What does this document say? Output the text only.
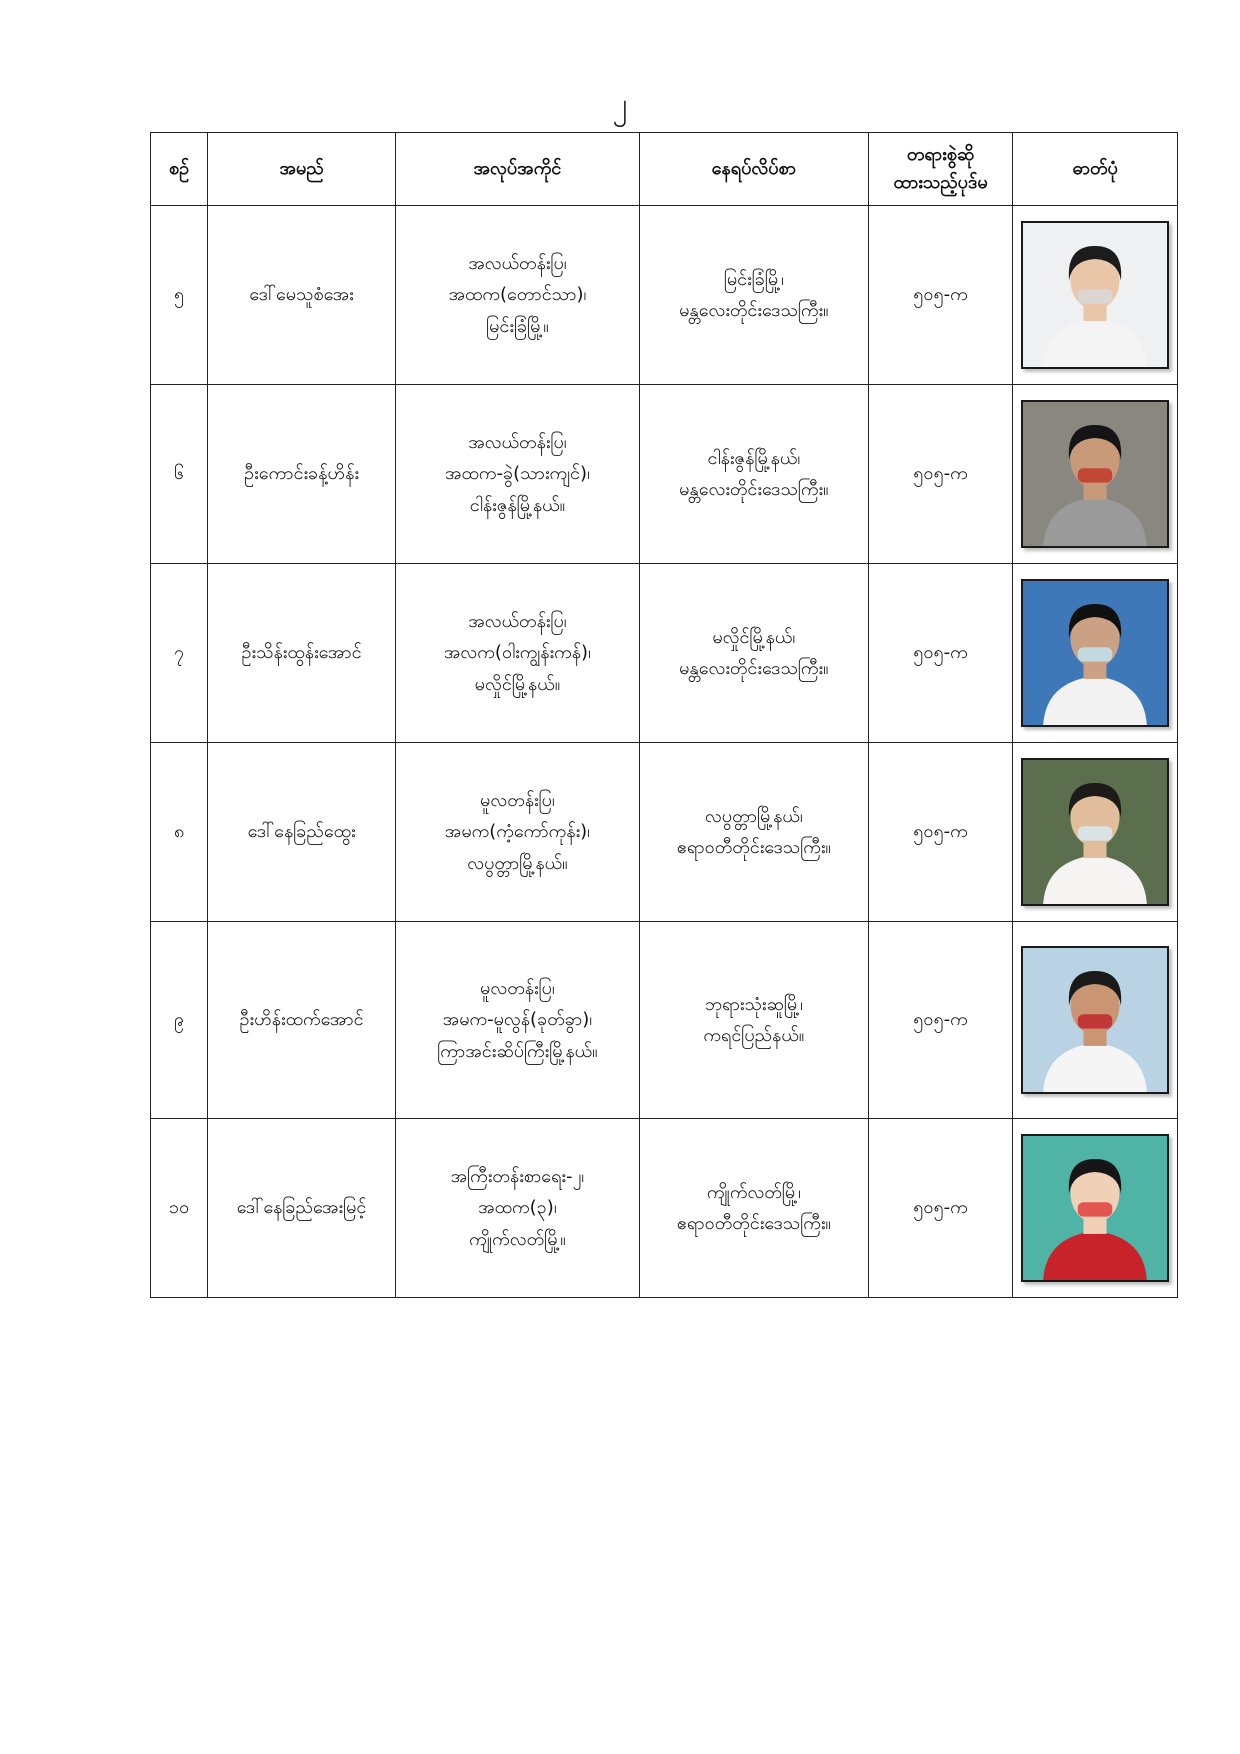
၂
စဉ်	အမည်	အလုပ်အကိုင်	နေရပ်လိပ်စာ	တရားစွဲဆို
ထားသည့်ပုဒ်မ	ဓာတ်ပုံ
၅	ဒေါ်မေသူစံအေး	အလယ်တန်းပြ၊
အထက(တောင်သာ)၊
မြင်းခြံမြို့။	မြင်းခြံမြို့၊
မန္တလေးတိုင်းဒေသကြီး။	၅၀၅-က	

၆	ဦးကောင်းခန့်ဟိန်း	အလယ်တန်းပြ၊
အထက-ခွဲ(သားကျင်)၊
ငါန်းဇွန်မြို့နယ်။	ငါန်းဇွန်မြို့နယ်၊
မန္တလေးတိုင်းဒေသကြီး။	၅၀၅-က	

၇	ဦးသိန်းထွန်းအောင်	အလယ်တန်းပြ၊
အလက(ဝါးကျွန်းကန်)၊
မလှိုင်မြို့နယ်။	မလှိုင်မြို့နယ်၊
မန္တလေးတိုင်းဒေသကြီး။	၅၀၅-က	

၈	ဒေါ်နေခြည်ထွေး	မူလတန်းပြ၊
အမက(ကံ့ကော်ကုန်း)၊
လပွတ္တာမြို့နယ်။	လပွတ္တာမြို့နယ်၊
ဧရာဝတီတိုင်းဒေသကြီး။	၅၀၅-က	

၉	ဦးဟိန်းထက်အောင်	မူလတန်းပြ၊
အမက-မူလွန်(ခုတ်ခွာ)၊
ကြာအင်းဆိပ်ကြီးမြို့နယ်။	ဘုရားသုံးဆူမြို့၊
ကရင်ပြည်နယ်။	၅၀၅-က	

၁၀	ဒေါ်နေခြည်အေးမြင့်	အကြီးတန်းစာရေး-၂၊
အထက(၃)၊
ကျိုက်လတ်မြို့။	ကျိုက်လတ်မြို့၊
ဧရာဝတီတိုင်းဒေသကြီး။	၅၀၅-က	
